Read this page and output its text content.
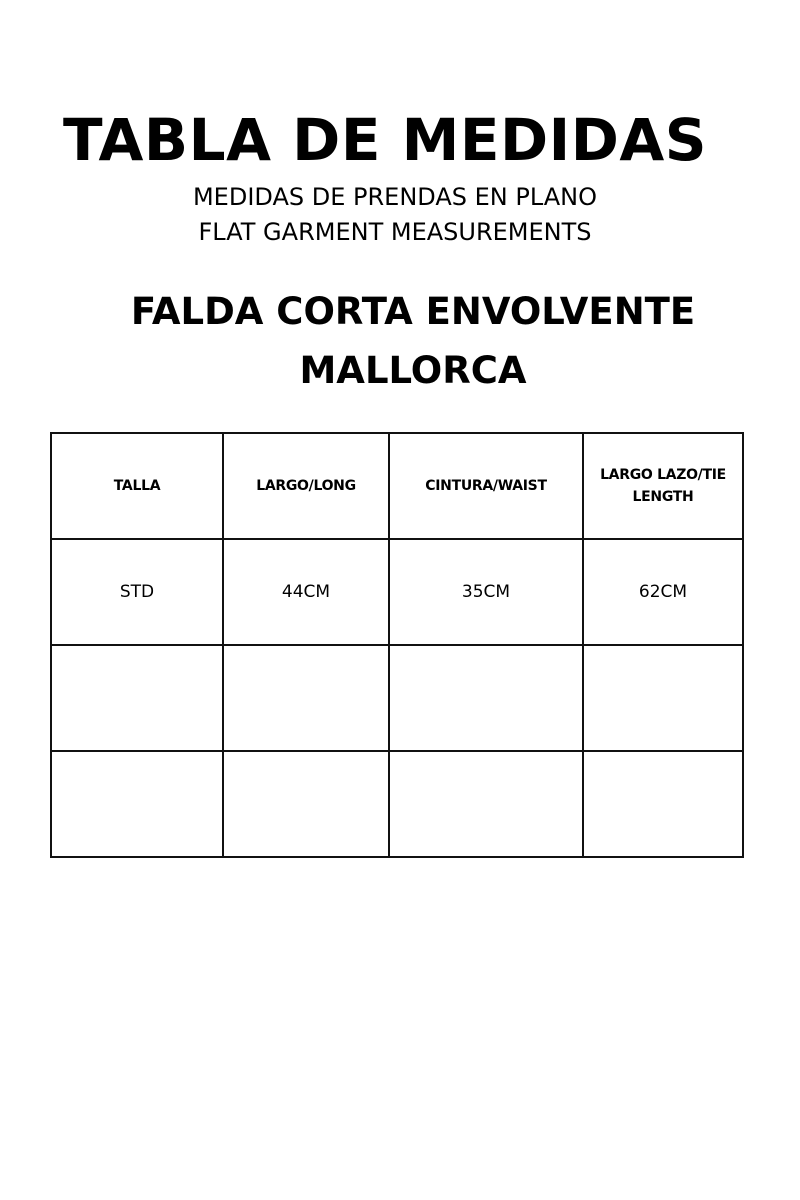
TABLA DE MEDIDAS

MEDIDAS DE PRENDAS EN PLANO

FLAT GARMENT MEASUREMENTS

FALDA CORTA ENVOLVENTE
MALLORCA
TALLA	LARGO/LONG	CINTURA/WAIST	LARGO LAZO/TIE LENGTH
STD	44CM	35CM	62CM
